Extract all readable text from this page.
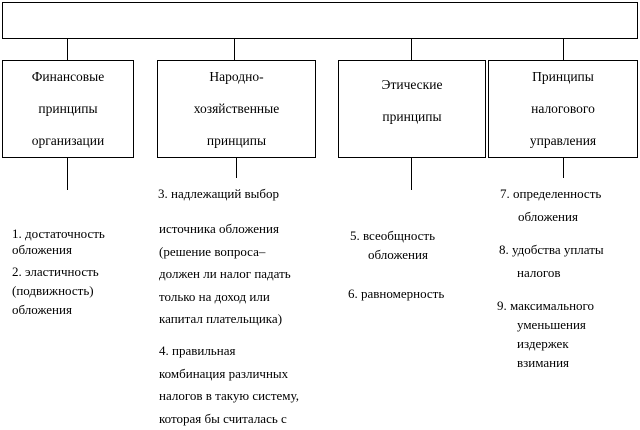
Финансовые
принципы
организации
Народно-
хозяйственные
принципы
Этические
принципы
Принципы
налогового
управления
1. достаточность
обложения
2. эластичность
(подвижность)
обложения
3. надлежащий выбор
источника обложения
(решение вопроса–
должен ли налог падать
только на доход или
капитал плательщика)
4. правильная
комбинация различных
налогов в такую систему,
которая бы считалась с
5. всеобщность
обложения
6. равномерность
7. определенность
обложения
8. удобства уплаты
налогов
9. максимального
уменьшения
издержек
взимания
